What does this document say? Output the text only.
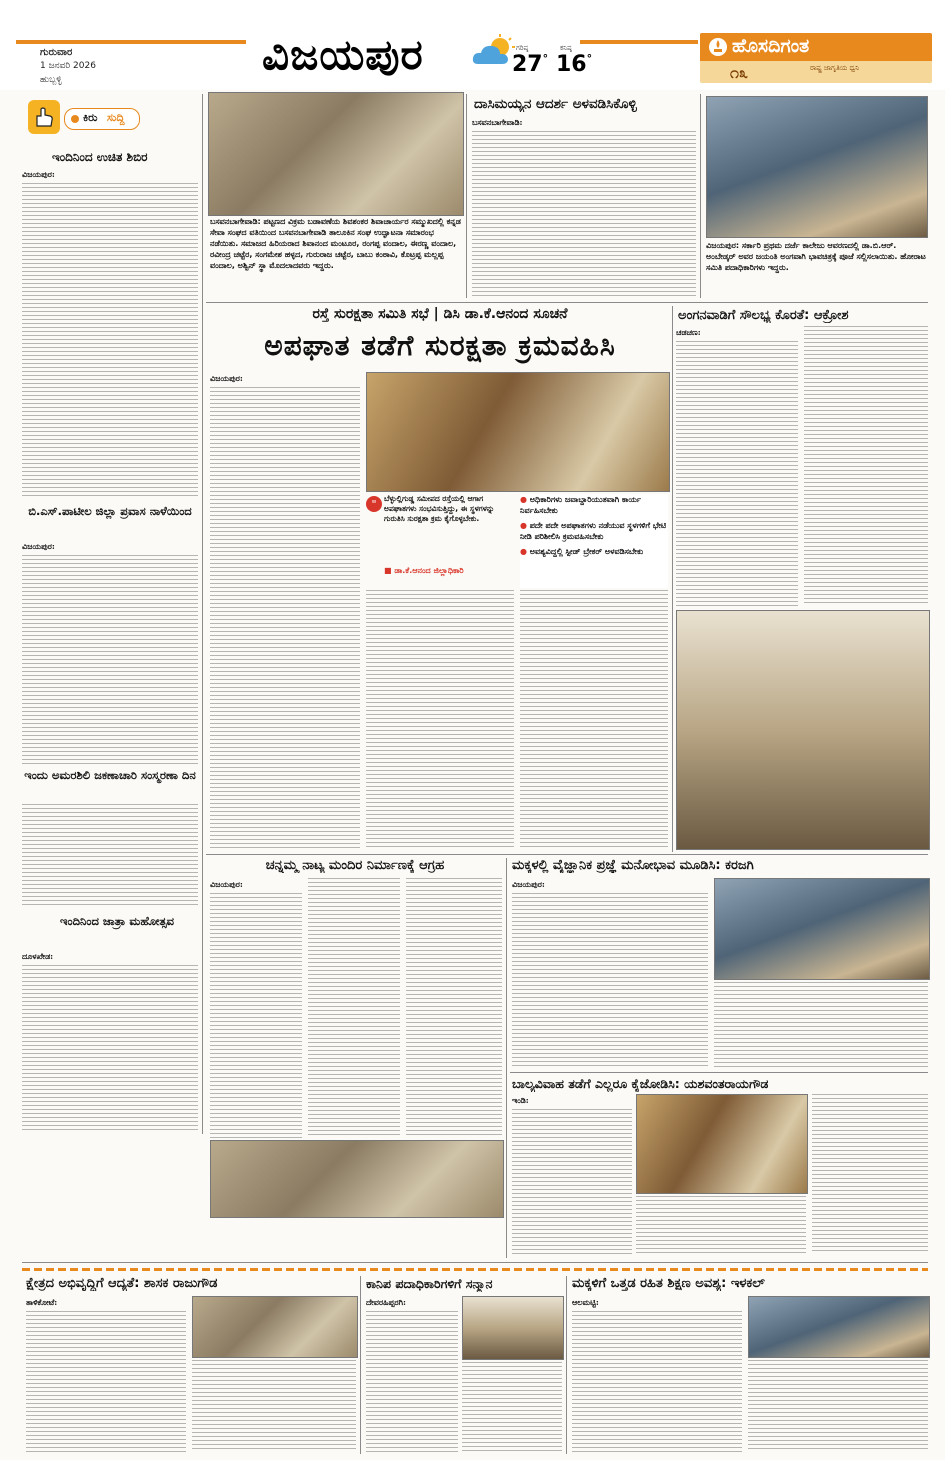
ಗುರುವಾರ
1 ಜನವರಿ 2026
ಹುಬ್ಬಳ್ಳಿ
ವಿಜಯಪುರ	ಗರಿಷ್ಠ
27°
ಕನಿಷ್ಠ
16°
ಹೊಸದಿಗಂತ
ರಾಷ್ಟ್ರ ಜಾಗೃತಿಯ ಧ್ವನಿ
೧೩
ಕಿರು ಸುದ್ದಿ
ಇಂದಿನಿಂದ ಉಚಿತ ಶಿಬಿರ
ವಿಜಯಪುರ:
ಬಿ.ಎಸ್.ಪಾಟೀಲ ಜಿಲ್ಲಾ ಪ್ರವಾಸ ನಾಳೆಯಿಂದ
ವಿಜಯಪುರ:
ಇಂದು ಅಮರಶಿಲಿ ಜಕಣಾಚಾರಿ ಸಂಸ್ಮರಣಾ ದಿನ
ಇಂದಿನಿಂದ ಜಾತ್ರಾ ಮಹೋತ್ಸವ
ದೂಳಖೇಡ:
ಬಸವನಬಾಗೇವಾಡಿ: ಪಟ್ಟಣದ ವಿಕ್ರಮ ಬಡಾವಣೆಯ ಶಿವಶಂಕರ ಶಿವಾಚಾರ್ಯರ ಸಮ್ಮುಖದಲ್ಲಿ ಕನ್ನಡ ಸೇವಾ ಸಂಘದ ವತಿಯಿಂದ ಬಸವನಬಾಗೇವಾಡಿ ತಾಲೂಕಿನ ಸಂಘ ಉದ್ಘಾಟನಾ ಸಮಾರಂಭ ನಡೆಯಿತು. ಸಮಾಜದ ಹಿರಿಯರಾದ ಶಿವಾನಂದ ಮಂಟೂರ, ರಂಗಪ್ಪ ವಂದಾಲ, ಈರಣ್ಣ ವಂದಾಲ, ರವೀಂದ್ರ ಚಟ್ಟೆರ, ಸಂಗಮೇಶ ಹಳ್ಳದ, ಗುರುರಾಜ ಚಟ್ಟೆರ, ಬಾಬು ಕಂಠಾವಿ, ಕೊಟ್ರಪ್ಪ ಮಲ್ಲಪ್ಪ ವಂದಾಲ, ಅಶ್ವಿನ್ ಸ್ಥಾ ಮೊದಲಾದವರು ಇದ್ದರು.
ದಾಸಿಮಯ್ಯನ ಆದರ್ಶ ಅಳವಡಿಸಿಕೊಳ್ಳಿ
ಬಸವನಬಾಗೇವಾಡಿ:
ವಿಜಯಪುರ: ಸರ್ಕಾರಿ ಪ್ರಥಮ ದರ್ಜೆ ಕಾಲೇಜು ಆವರಣದಲ್ಲಿ ಡಾ.ಬಿ.ಆರ್. ಅಂಬೇಡ್ಕರ್ ಅವರ ಜಯಂತಿ ಅಂಗವಾಗಿ ಭಾವಚಿತ್ರಕ್ಕೆ ಪೂಜೆ ಸಲ್ಲಿಸಲಾಯಿತು. ಹೋರಾಟ ಸಮಿತಿ ಪದಾಧಿಕಾರಿಗಳು ಇದ್ದರು.
ರಸ್ತೆ ಸುರಕ್ಷತಾ ಸಮಿತಿ ಸಭೆ | ಡಿಸಿ ಡಾ.ಕೆ.ಆನಂದ ಸೂಚನೆ
ಅಪಘಾತ ತಡೆಗೆ ಸುರಕ್ಷತಾ ಕ್ರಮವಹಿಸಿ
ವಿಜಯಪುರ:
" ಬೆಳ್ಳುಲ್ಲಿಗುಡ್ಡ ಸಮೀಪದ ರಸ್ತೆಯಲ್ಲಿ ಆಗಾಗ ಅಪಘಾತಗಳು ಸಂಭವಿಸುತ್ತಿದ್ದು, ಈ ಸ್ಥಳಗಳನ್ನು ಗುರುತಿಸಿ ಸುರಕ್ಷತಾ ಕ್ರಮ ಕೈಗೊಳ್ಳಬೇಕು.
■ ಡಾ.ಕೆ.ಆನಂದ ಜಿಲ್ಲಾಧಿಕಾರಿ
● ಅಧಿಕಾರಿಗಳು ಜವಾಬ್ದಾರಿಯುತವಾಗಿ ಕಾರ್ಯ ನಿರ್ವಹಿಸಬೇಕು
● ಪದೇ ಪದೇ ಅಪಘಾತಗಳು ನಡೆಯುವ ಸ್ಥಳಗಳಿಗೆ ಭೇಟಿ ನೀಡಿ ಪರಿಶೀಲಿಸಿ ಕ್ರಮವಹಿಸಬೇಕು
● ಅವಶ್ಯವಿದ್ದಲ್ಲಿ ಸ್ಪೀಡ್ ಬ್ರೇಕರ್ ಅಳವಡಿಸಬೇಕು
ಅಂಗನವಾಡಿಗೆ ಸೌಲಭ್ಯ ಕೊರತೆ: ಆಕ್ರೋಶ
ಚಡಚಣ:
ಚನ್ನಮ್ಮ ನಾಟ್ಯ ಮಂದಿರ ನಿರ್ಮಾಣಕ್ಕೆ ಆಗ್ರಹ
ವಿಜಯಪುರ:
ಮಕ್ಕಳಲ್ಲಿ ವೈಜ್ಞಾನಿಕ ಪ್ರಜ್ಞೆ ಮನೋಭಾವ ಮೂಡಿಸಿ: ಕರಜಗಿ
ವಿಜಯಪುರ:
ಬಾಲ್ಯವಿವಾಹ ತಡೆಗೆ ಎಲ್ಲರೂ ಕೈಜೋಡಿಸಿ: ಯಶವಂತರಾಯಗೌಡ
ಇಂಡಿ:
ಕ್ಷೇತ್ರದ ಅಭಿವೃದ್ಧಿಗೆ ಆದ್ಯತೆ: ಶಾಸಕ ರಾಜುಗೌಡ
ತಾಳಿಕೋಟೆ:
ಕಾನಿಪ ಪದಾಧಿಕಾರಿಗಳಿಗೆ ಸನ್ಮಾನ
ದೇವರಹಿಪ್ಪರಗಿ:
ಮಕ್ಕಳಿಗೆ ಒತ್ತಡ ರಹಿತ ಶಿಕ್ಷಣ ಅವಶ್ಯ: ಇಳಕಲ್
ಆಲಮಟ್ಟಿ:
